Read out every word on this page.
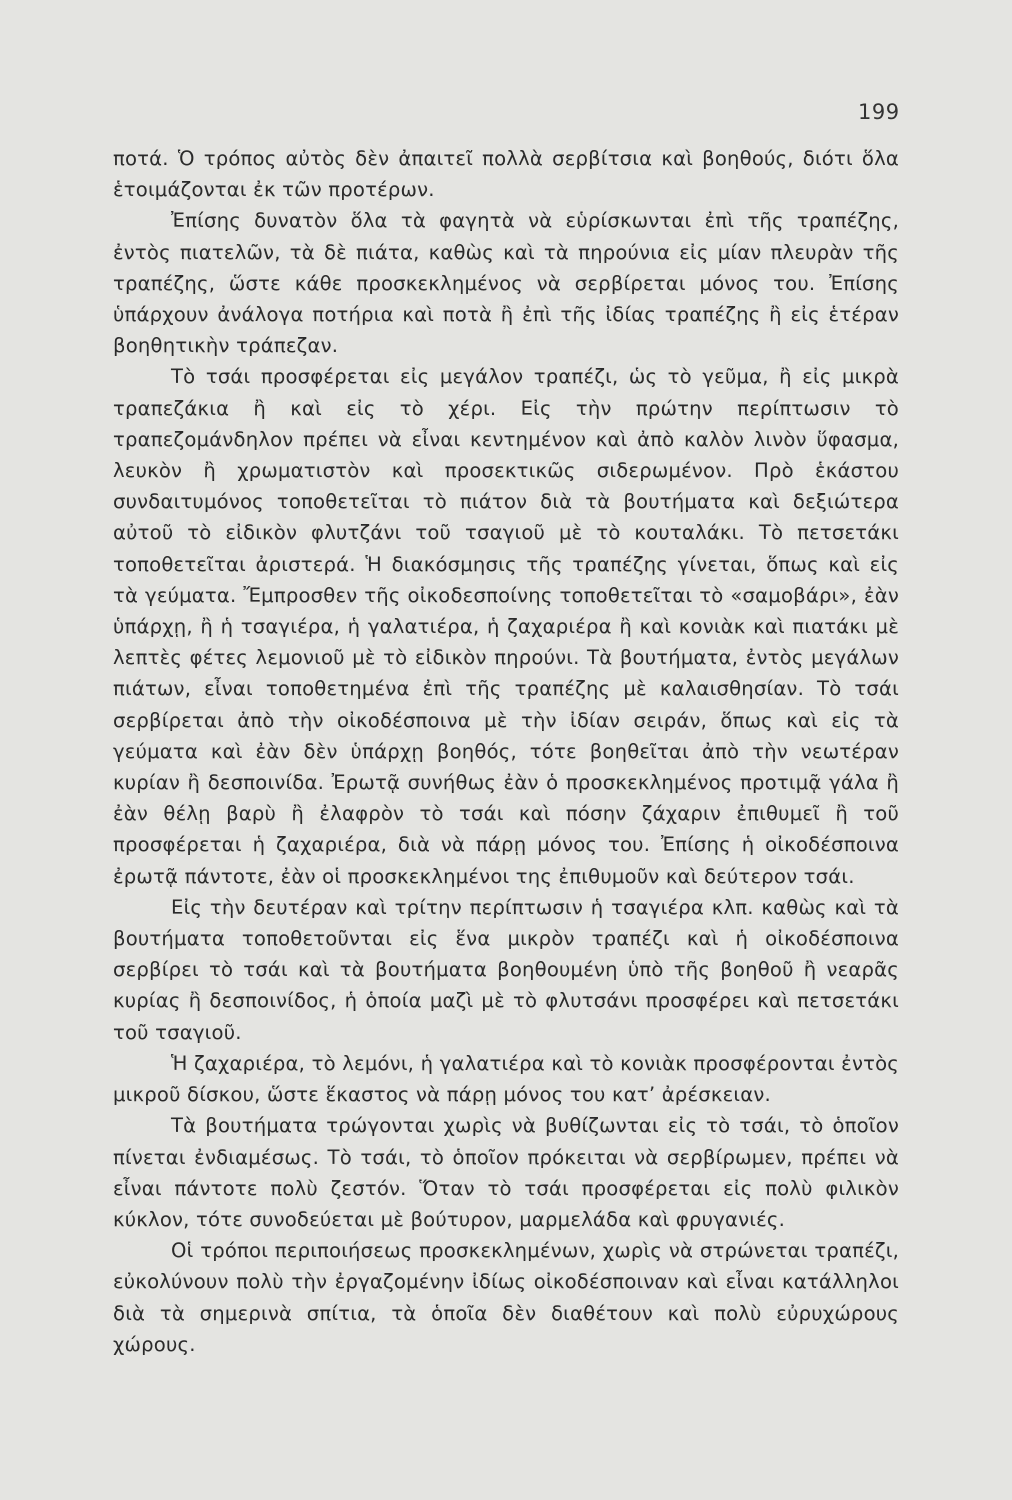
199

ποτά. Ὁ τρόπος αὐτὸς δὲν ἀπαιτεῖ πολλὰ σερβίτσια καὶ βοηθούς, διότι ὅλα ἑτοιμάζονται ἐκ τῶν προτέρων.

Ἐπίσης δυνατὸν ὅλα τὰ φαγητὰ νὰ εὑρίσκωνται ἐπὶ τῆς τραπέζης, ἐντὸς πιατελῶν, τὰ δὲ πιάτα, καθὼς καὶ τὰ πηρούνια εἰς μίαν πλευρὰν τῆς τραπέζης, ὥστε κάθε προσκεκλημένος νὰ σερβίρεται μόνος του. Ἐπίσης ὑπάρχουν ἀνάλογα ποτήρια καὶ ποτὰ ἢ ἐπὶ τῆς ἰδίας τραπέζης ἢ εἰς ἑτέραν βοηθητικὴν τράπεζαν.

Τὸ τσάι προσφέρεται εἰς μεγάλον τραπέζι, ὡς τὸ γεῦμα, ἢ εἰς μικρὰ τραπεζάκια ἢ καὶ εἰς τὸ χέρι. Εἰς τὴν πρώτην περίπτωσιν τὸ τραπεζομάνδηλον πρέπει νὰ εἶναι κεντημένον καὶ ἀπὸ καλὸν λινὸν ὕφασμα, λευκὸν ἢ χρωματιστὸν καὶ προσεκτικῶς σιδερωμένον. Πρὸ ἑκάστου συνδαιτυμόνος τοποθετεῖται τὸ πιάτον διὰ τὰ βουτήματα καὶ δεξιώτερα αὐτοῦ τὸ εἰδικὸν φλυτζάνι τοῦ τσαγιοῦ μὲ τὸ κουταλάκι. Τὸ πετσετάκι τοποθετεῖται ἀριστερά. Ἡ διακόσμησις τῆς τραπέζης γίνεται, ὅπως καὶ εἰς τὰ γεύματα. Ἔμπροσθεν τῆς οἰκοδεσποίνης τοποθετεῖται τὸ «σαμοβάρι», ἐὰν ὑπάρχῃ, ἢ ἡ τσαγιέρα, ἡ γαλατιέρα, ἡ ζαχαριέρα ἢ καὶ κονιὰκ καὶ πιατάκι μὲ λεπτὲς φέτες λεμονιοῦ μὲ τὸ εἰδικὸν πηρούνι. Τὰ βουτήματα, ἐντὸς μεγάλων πιάτων, εἶναι τοποθετημένα ἐπὶ τῆς τραπέζης μὲ καλαισθησίαν. Τὸ τσάι σερβίρεται ἀπὸ τὴν οἰκοδέσποινα μὲ τὴν ἰδίαν σειράν, ὅπως καὶ εἰς τὰ γεύματα καὶ ἐὰν δὲν ὑπάρχῃ βοηθός, τότε βοηθεῖται ἀπὸ τὴν νεωτέραν κυρίαν ἢ δεσποινίδα. Ἐρωτᾷ συνήθως ἐὰν ὁ προσκεκλημένος προτιμᾷ γάλα ἢ ἐὰν θέλῃ βαρὺ ἢ ἐλαφρὸν τὸ τσάι καὶ πόσην ζάχαριν ἐπιθυμεῖ ἢ τοῦ προσφέρεται ἡ ζαχαριέρα, διὰ νὰ πάρῃ μόνος του. Ἐπίσης ἡ οἰκοδέσποινα ἐρωτᾷ πάντοτε, ἐὰν οἱ προσκεκλημένοι της ἐπιθυμοῦν καὶ δεύτερον τσάι.

Εἰς τὴν δευτέραν καὶ τρίτην περίπτωσιν ἡ τσαγιέρα κλπ. καθὼς καὶ τὰ βουτήματα τοποθετοῦνται εἰς ἕνα μικρὸν τραπέζι καὶ ἡ οἰκοδέσποινα σερβίρει τὸ τσάι καὶ τὰ βουτήματα βοηθουμένη ὑπὸ τῆς βοηθοῦ ἢ νεαρᾶς κυρίας ἢ δεσποινίδος, ἡ ὁποία μαζὶ μὲ τὸ φλυτσάνι προσφέρει καὶ πετσετάκι τοῦ τσαγιοῦ.

Ἡ ζαχαριέρα, τὸ λεμόνι, ἡ γαλατιέρα καὶ τὸ κονιὰκ προσφέρονται ἐντὸς μικροῦ δίσκου, ὥστε ἕκαστος νὰ πάρῃ μόνος του κατ’ ἀρέσκειαν.

Τὰ βουτήματα τρώγονται χωρὶς νὰ βυθίζωνται εἰς τὸ τσάι, τὸ ὁποῖον πίνεται ἐνδιαμέσως. Τὸ τσάι, τὸ ὁποῖον πρόκειται νὰ σερβίρωμεν, πρέπει νὰ εἶναι πάντοτε πολὺ ζεστόν. Ὅταν τὸ τσάι προσφέρεται εἰς πολὺ φιλικὸν κύκλον, τότε συνοδεύεται μὲ βούτυρον, μαρμελάδα καὶ φρυγανιές.

Οἱ τρόποι περιποιήσεως προσκεκλημένων, χωρὶς νὰ στρώνεται τραπέζι, εὐκολύνουν πολὺ τὴν ἐργαζομένην ἰδίως οἰκοδέσποιναν καὶ εἶναι κατάλληλοι διὰ τὰ σημερινὰ σπίτια, τὰ ὁποῖα δὲν διαθέτουν καὶ πολὺ εὐρυχώρους χώρους.
